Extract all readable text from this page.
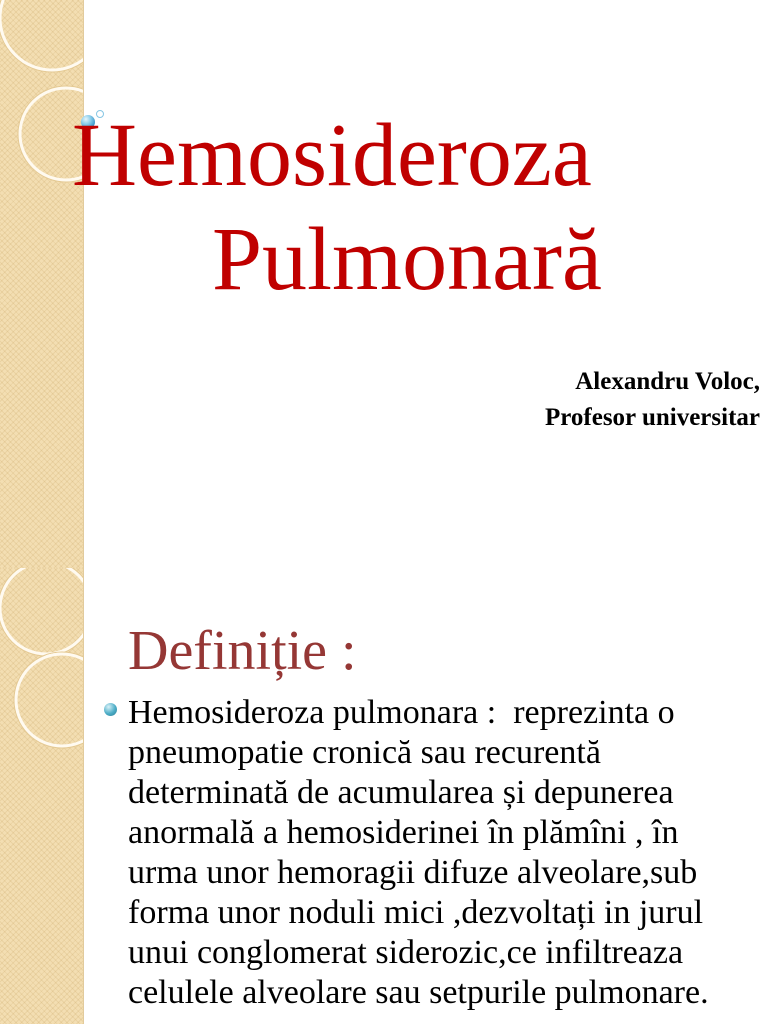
Hemosideroza
Pulmonară
Alexandru Voloc,
Profesor universitar
Definiție :
Hemosideroza pulmonara :  reprezinta o
pneumopatie cronică sau recurentă
determinată de acumularea și depunerea
anormală a hemosiderinei în plămîni , în
urma unor hemoragii difuze alveolare,sub
forma unor noduli mici ,dezvoltați in jurul
unui conglomerat siderozic,ce infiltreaza
celulele alveolare sau setpurile pulmonare.
